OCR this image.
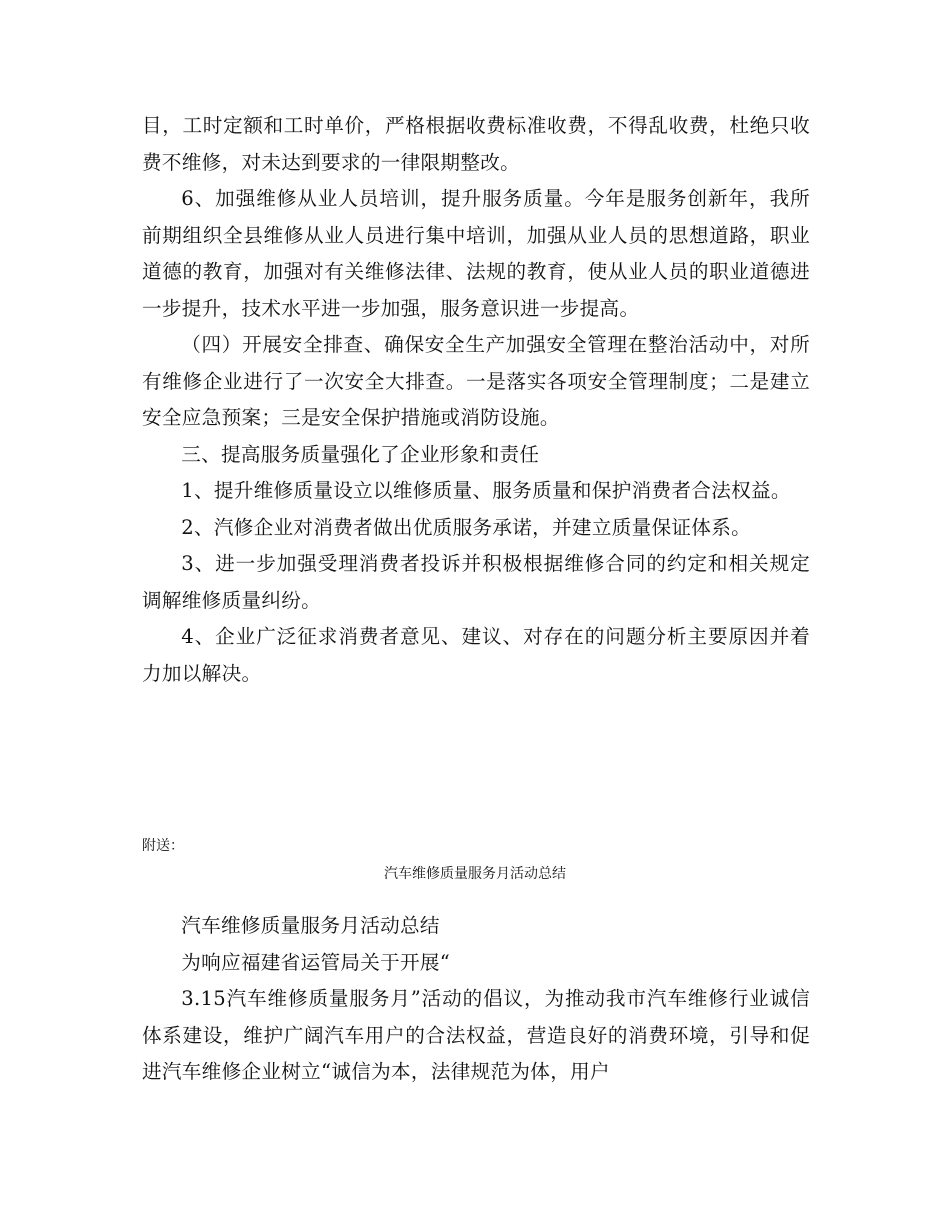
目，工时定额和工时单价，严格根据收费标准收费，不得乱收费，杜绝只收费不维修，对未达到要求的一律限期整改。

6、加强维修从业人员培训，提升服务质量。今年是服务创新年，我所前期组织全县维修从业人员进行集中培训，加强从业人员的思想道路，职业道德的教育，加强对有关维修法律、法规的教育，使从业人员的职业道德进一步提升，技术水平进一步加强，服务意识进一步提高。

（四）开展安全排查、确保安全生产加强安全管理在整治活动中，对所有维修企业进行了一次安全大排查。一是落实各项安全管理制度；二是建立安全应急预案；三是安全保护措施或消防设施。

三、提高服务质量强化了企业形象和责任

1、提升维修质量设立以维修质量、服务质量和保护消费者合法权益。

2、汽修企业对消费者做出优质服务承诺，并建立质量保证体系。

3、进一步加强受理消费者投诉并积极根据维修合同的约定和相关规定调解维修质量纠纷。

4、企业广泛征求消费者意见、建议、对存在的问题分析主要原因并着力加以解决。

附送：
汽车维修质量服务月活动总结

汽车维修质量服务月活动总结

为响应福建省运管局关于开展“

3.15汽车维修质量服务月”活动的倡议，为推动我市汽车维修行业诚信体系建设，维护广阔汽车用户的合法权益，营造良好的消费环境，引导和促进汽车维修企业树立“诚信为本，法律规范为体，用户
